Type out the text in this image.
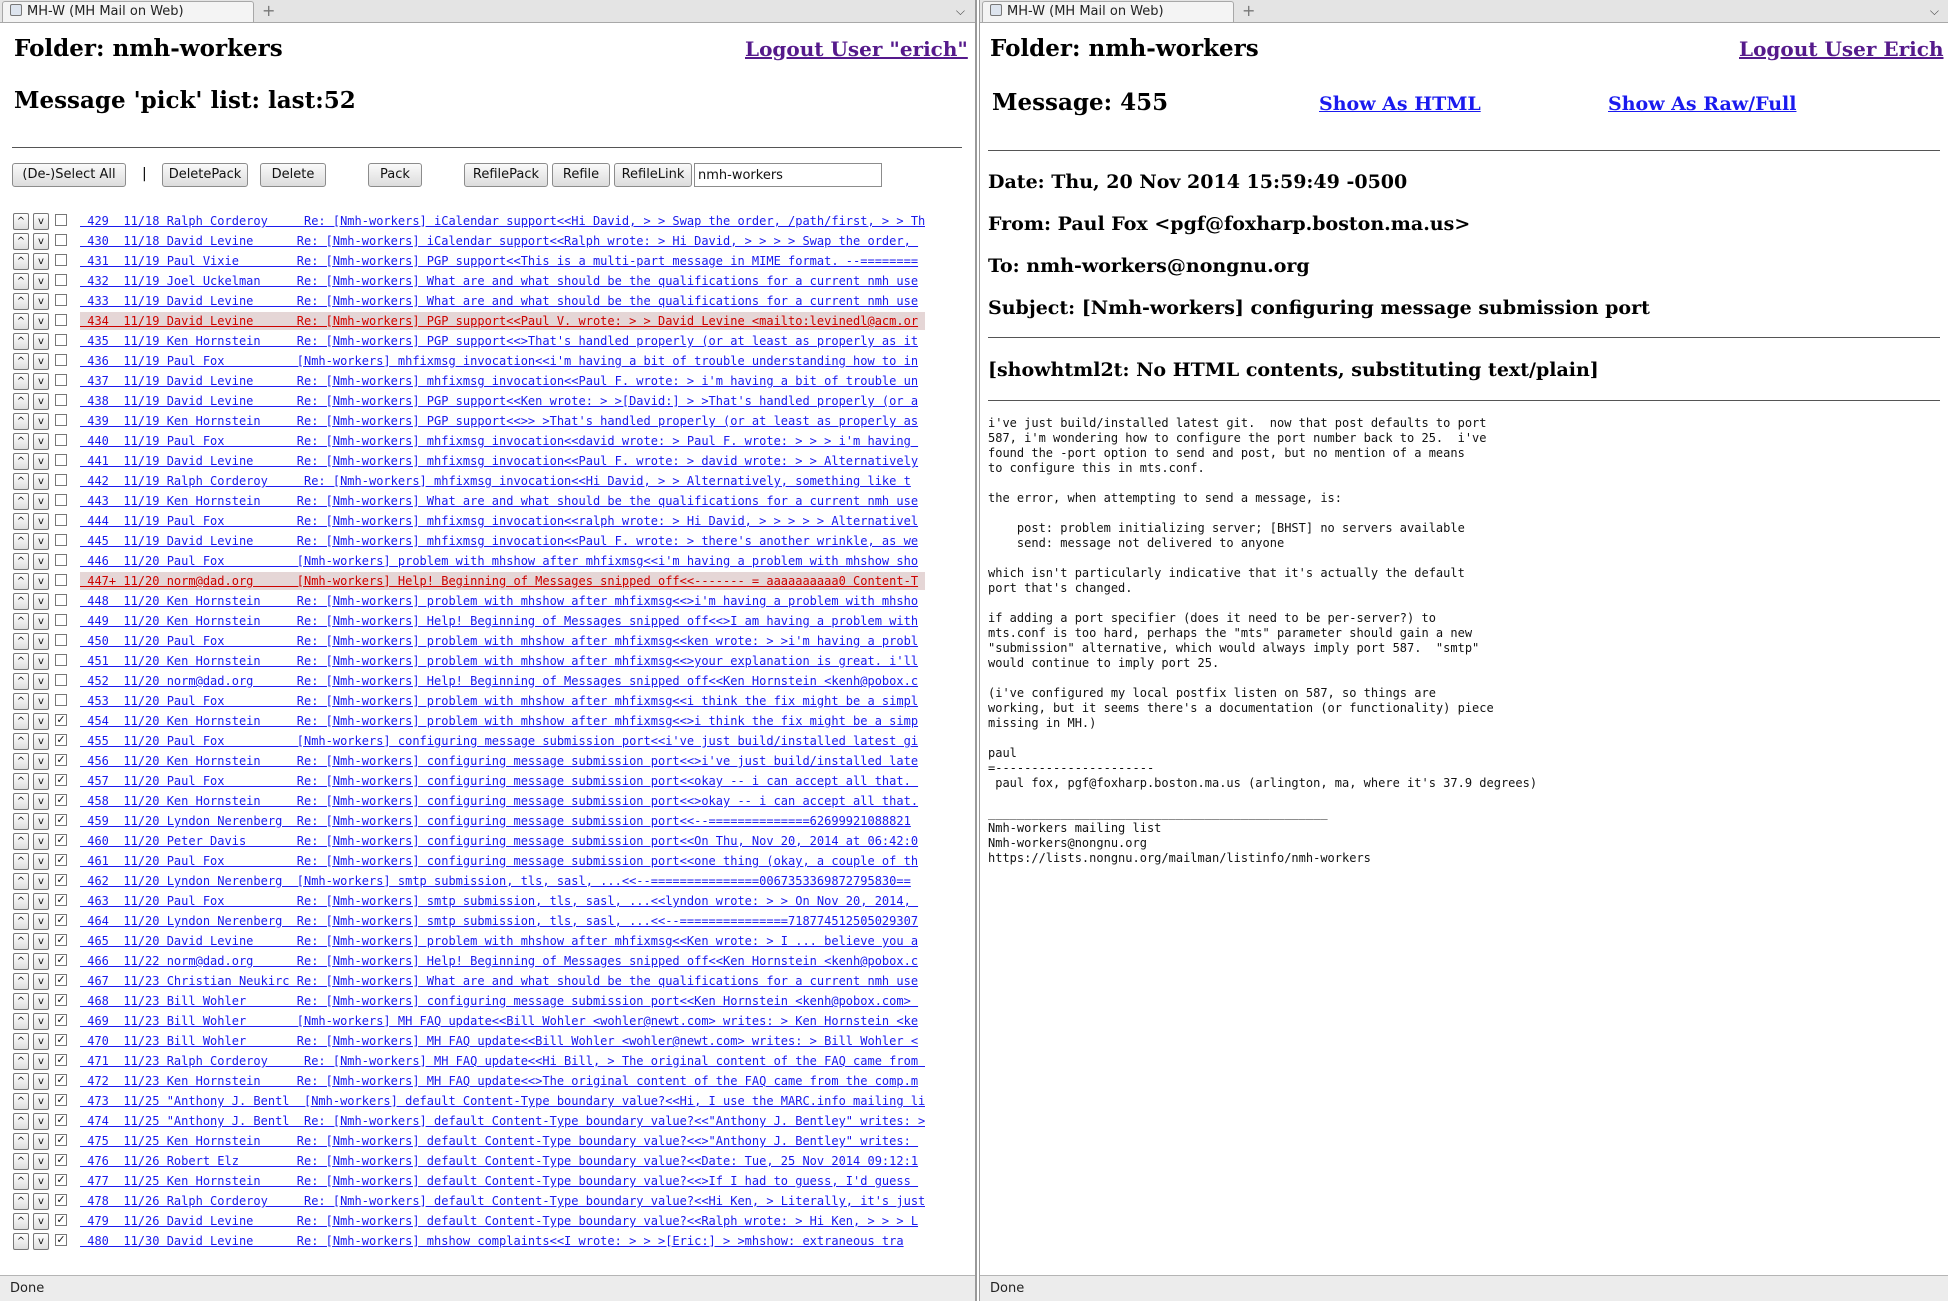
MH-W (MH Mail on Web)	+	⌵
Folder: nmh-workers	Logout User "erich"
Message 'pick' list: last:52
(De-)Select All	|	DeletePack	Delete	Pack	RefilePack	Refile	RefileLink
nmh-workers
^	v	429  11/18 Ralph Corderoy     Re: [Nmh-workers] iCalendar support<<Hi David, > > Swap the order, /path/first, > > Th
^	v	430  11/18 David Levine      Re: [Nmh-workers] iCalendar support<<Ralph wrote: > Hi David, > > > > Swap the order,
^	v	431  11/19 Paul Vixie        Re: [Nmh-workers] PGP support<<This is a multi-part message in MIME format. --========
^	v	432  11/19 Joel Uckelman     Re: [Nmh-workers] What are and what should be the qualifications for a current nmh use
^	v	433  11/19 David Levine      Re: [Nmh-workers] What are and what should be the qualifications for a current nmh use
^	v	434  11/19 David Levine      Re: [Nmh-workers] PGP support<<Paul V. wrote: > > David Levine <mailto:levinedl@acm.or
^	v	435  11/19 Ken Hornstein     Re: [Nmh-workers] PGP support<<>That's handled properly (or at least as properly as it
^	v	436  11/19 Paul Fox          [Nmh-workers] mhfixmsg invocation<<i'm having a bit of trouble understanding how to in
^	v	437  11/19 David Levine      Re: [Nmh-workers] mhfixmsg invocation<<Paul F. wrote: > i'm having a bit of trouble un
^	v	438  11/19 David Levine      Re: [Nmh-workers] PGP support<<Ken wrote: > >[David:] > >That's handled properly (or a
^	v	439  11/19 Ken Hornstein     Re: [Nmh-workers] PGP support<<>> >That's handled properly (or at least as properly as
^	v	440  11/19 Paul Fox          Re: [Nmh-workers] mhfixmsg invocation<<david wrote: > Paul F. wrote: > > > i'm having
^	v	441  11/19 David Levine      Re: [Nmh-workers] mhfixmsg invocation<<Paul F. wrote: > david wrote: > > Alternatively
^	v	442  11/19 Ralph Corderoy     Re: [Nmh-workers] mhfixmsg invocation<<Hi David, > > Alternatively, something like t
^	v	443  11/19 Ken Hornstein     Re: [Nmh-workers] What are and what should be the qualifications for a current nmh use
^	v	444  11/19 Paul Fox          Re: [Nmh-workers] mhfixmsg invocation<<ralph wrote: > Hi David, > > > > > Alternativel
^	v	445  11/19 David Levine      Re: [Nmh-workers] mhfixmsg invocation<<Paul F. wrote: > there's another wrinkle, as we
^	v	446  11/20 Paul Fox          [Nmh-workers] problem with mhshow after mhfixmsg<<i'm having a problem with mhshow sho
^	v	447+ 11/20 norm@dad.org      [Nmh-workers] Help! Beginning of Messages snipped off<<------- = aaaaaaaaaa0 Content-T
^	v	448  11/20 Ken Hornstein     Re: [Nmh-workers] problem with mhshow after mhfixmsg<<>i'm having a problem with mhsho
^	v	449  11/20 Ken Hornstein     Re: [Nmh-workers] Help! Beginning of Messages snipped off<<>I am having a problem with
^	v	450  11/20 Paul Fox          Re: [Nmh-workers] problem with mhshow after mhfixmsg<<ken wrote: > >i'm having a probl
^	v	451  11/20 Ken Hornstein     Re: [Nmh-workers] problem with mhshow after mhfixmsg<<>your explanation is great. i'll
^	v	452  11/20 norm@dad.org      Re: [Nmh-workers] Help! Beginning of Messages snipped off<<Ken Hornstein <kenh@pobox.c
^	v	453  11/20 Paul Fox          Re: [Nmh-workers] problem with mhshow after mhfixmsg<<i think the fix might be a simpl
^	v	✓ 454  11/20 Ken Hornstein     Re: [Nmh-workers] problem with mhshow after mhfixmsg<<>i think the fix might be a simp
^	v	✓ 455  11/20 Paul Fox          [Nmh-workers] configuring message submission port<<i've just build/installed latest gi
^	v	✓ 456  11/20 Ken Hornstein     Re: [Nmh-workers] configuring message submission port<<>i've just build/installed late
^	v	✓ 457  11/20 Paul Fox          Re: [Nmh-workers] configuring message submission port<<okay -- i can accept all that.
^	v	✓ 458  11/20 Ken Hornstein     Re: [Nmh-workers] configuring message submission port<<>okay -- i can accept all that.
^	v	✓ 459  11/20 Lyndon Nerenberg  Re: [Nmh-workers] configuring message submission port<<--==============62699921088821
^	v	✓ 460  11/20 Peter Davis       Re: [Nmh-workers] configuring message submission port<<On Thu, Nov 20, 2014 at 06:42:0
^	v	✓ 461  11/20 Paul Fox          Re: [Nmh-workers] configuring message submission port<<one thing (okay, a couple of th
^	v	✓ 462  11/20 Lyndon Nerenberg  [Nmh-workers] smtp submission, tls, sasl, ...<<--===============0067353369872795830==
^	v	✓ 463  11/20 Paul Fox          Re: [Nmh-workers] smtp submission, tls, sasl, ...<<lyndon wrote: > > On Nov 20, 2014,
^	v	✓ 464  11/20 Lyndon Nerenberg  Re: [Nmh-workers] smtp submission, tls, sasl, ...<<--===============718774512505029307
^	v	✓ 465  11/20 David Levine      Re: [Nmh-workers] problem with mhshow after mhfixmsg<<Ken wrote: > I ... believe you a
^	v	✓ 466  11/22 norm@dad.org      Re: [Nmh-workers] Help! Beginning of Messages snipped off<<Ken Hornstein <kenh@pobox.c
^	v	✓ 467  11/23 Christian Neukirc Re: [Nmh-workers] What are and what should be the qualifications for a current nmh use
^	v	✓ 468  11/23 Bill Wohler       Re: [Nmh-workers] configuring message submission port<<Ken Hornstein <kenh@pobox.com>
^	v	✓ 469  11/23 Bill Wohler       [Nmh-workers] MH FAQ update<<Bill Wohler <wohler@newt.com> writes: > Ken Hornstein <ke
^	v	✓ 470  11/23 Bill Wohler       Re: [Nmh-workers] MH FAQ update<<Bill Wohler <wohler@newt.com> writes: > Bill Wohler <
^	v	✓ 471  11/23 Ralph Corderoy     Re: [Nmh-workers] MH FAQ update<<Hi Bill, > The original content of the FAQ came from
^	v	✓ 472  11/23 Ken Hornstein     Re: [Nmh-workers] MH FAQ update<<>The original content of the FAQ came from the comp.m
^	v	✓ 473  11/25 "Anthony J. Bentl  [Nmh-workers] default Content-Type boundary value?<<Hi, I use the MARC.info mailing li
^	v	✓ 474  11/25 "Anthony J. Bentl  Re: [Nmh-workers] default Content-Type boundary value?<<"Anthony J. Bentley" writes: >
^	v	✓ 475  11/25 Ken Hornstein     Re: [Nmh-workers] default Content-Type boundary value?<<>"Anthony J. Bentley" writes:
^	v	✓ 476  11/26 Robert Elz        Re: [Nmh-workers] default Content-Type boundary value?<<Date: Tue, 25 Nov 2014 09:12:1
^	v	✓ 477  11/25 Ken Hornstein     Re: [Nmh-workers] default Content-Type boundary value?<<>If I had to guess, I'd guess
^	v	✓ 478  11/26 Ralph Corderoy     Re: [Nmh-workers] default Content-Type boundary value?<<Hi Ken, > Literally, it's just
^	v	✓ 479  11/26 David Levine      Re: [Nmh-workers] default Content-Type boundary value?<<Ralph wrote: > Hi Ken, > > > L
^	v	✓ 480  11/30 David Levine      Re: [Nmh-workers] mhshow complaints<<I wrote: > > >[Eric:] > >mhshow: extraneous tra
Done
MH-W (MH Mail on Web)	+	⌵
Folder: nmh-workers	Logout User Erich
Message: 455	Show As HTML	Show As Raw/Full
Date: Thu, 20 Nov 2014 15:59:49 -0500
From: Paul Fox <pgf@foxharp.boston.ma.us>
To: nmh-workers@nongnu.org
Subject: [Nmh-workers] configuring message submission port
[showhtml2t: No HTML contents, substituting text/plain]
i've just build/installed latest git.  now that post defaults to port
587, i'm wondering how to configure the port number back to 25.  i've
found the -port option to send and post, but no mention of a means
to configure this in mts.conf.

the error, when attempting to send a message, is:

post: problem initializing server; [BHST] no servers available
send: message not delivered to anyone

which isn't particularly indicative that it's actually the default
port that's changed.

if adding a port specifier (does it need to be per-server?) to
mts.conf is too hard, perhaps the "mts" parameter should gain a new
"submission" alternative, which would always imply port 587.  "smtp"
would continue to imply port 25.

(i've configured my local postfix listen on 587, so things are
working, but it seems there's a documentation (or functionality) piece
missing in MH.)

paul
=----------------------
paul fox, pgf@foxharp.boston.ma.us (arlington, ma, where it's 37.9 degrees)

_______________________________________________
Nmh-workers mailing list
Nmh-workers@nongnu.org
https://lists.nongnu.org/mailman/listinfo/nmh-workers
Done
